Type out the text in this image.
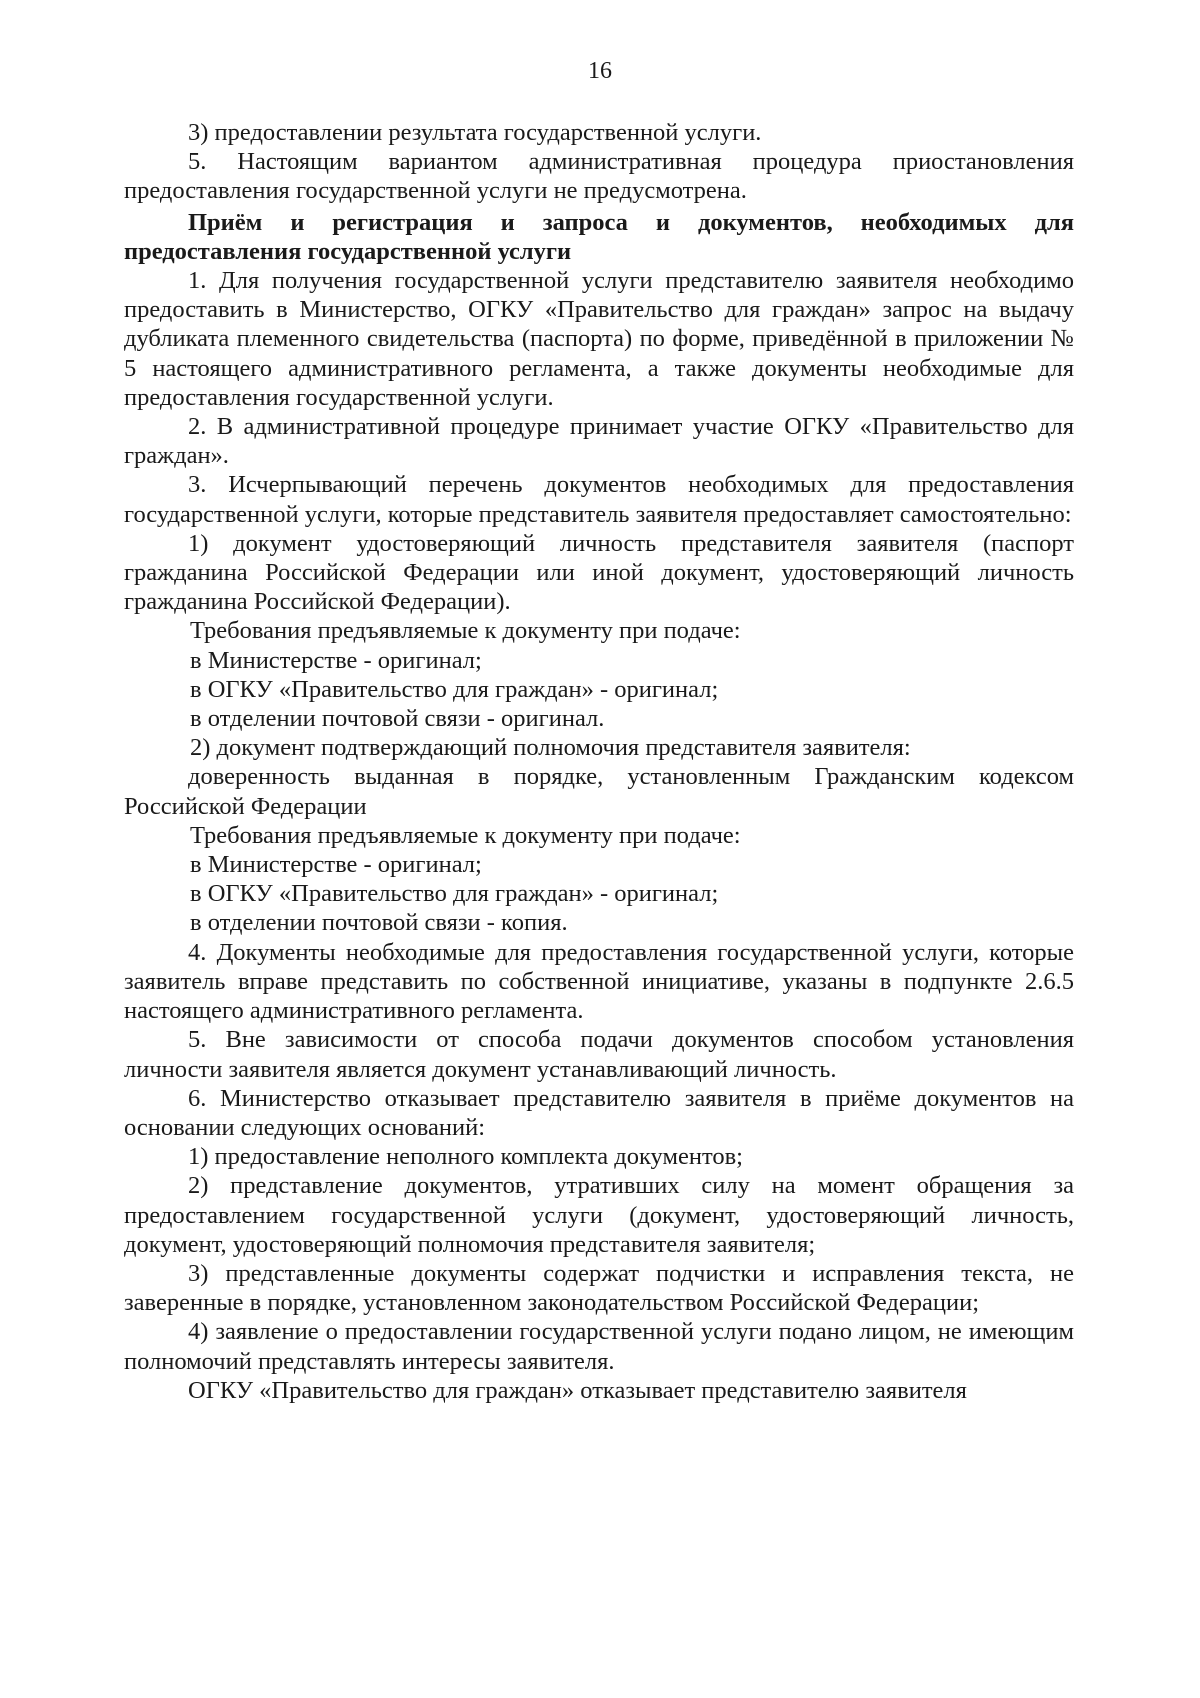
16

3) предоставлении результата государственной услуги.

5. Настоящим вариантом административная процедура приостановления предоставления государственной услуги не предусмотрена.

Приём и регистрация и запроса и документов, необходимых для предоставления государственной услуги

1. Для получения государственной услуги представителю заявителя необходимо предоставить в Министерство, ОГКУ «Правительство для граждан» запрос на выдачу дубликата племенного свидетельства (паспорта) по форме, приведённой в приложении № 5 настоящего административного регламента, а также документы необходимые для предоставления государственной услуги.

2. В административной процедуре принимает участие ОГКУ «Правительство для граждан».

3. Исчерпывающий перечень документов необходимых для предоставления государственной услуги, которые представитель заявителя предоставляет самостоятельно:

1) документ удостоверяющий личность представителя заявителя (паспорт гражданина Российской Федерации или иной документ, удостоверяющий личность гражданина Российской Федерации).

Требования предъявляемые к документу при подаче:

в Министерстве - оригинал;

в ОГКУ «Правительство для граждан» - оригинал;

в отделении почтовой связи - оригинал.

2) документ подтверждающий полномочия представителя заявителя:

доверенность выданная в порядке, установленным Гражданским кодексом Российской Федерации

Требования предъявляемые к документу при подаче:

в Министерстве - оригинал;

в ОГКУ «Правительство для граждан» - оригинал;

в отделении почтовой связи - копия.

4. Документы необходимые для предоставления государственной услуги, которые заявитель вправе представить по собственной инициативе, указаны в подпункте 2.6.5 настоящего административного регламента.

5. Вне зависимости от способа подачи документов способом установления личности заявителя является документ устанавливающий личность.

6. Министерство отказывает представителю заявителя в приёме документов на основании следующих оснований:

1) предоставление неполного комплекта документов;

2) представление документов, утративших силу на момент обращения за предоставлением государственной услуги (документ, удостоверяющий личность, документ, удостоверяющий полномочия представителя заявителя;

3) представленные документы содержат подчистки и исправления текста, не заверенные в порядке, установленном законодательством Российской Федерации;

4) заявление о предоставлении государственной услуги подано лицом, не имеющим полномочий представлять интересы заявителя.

ОГКУ «Правительство для граждан» отказывает представителю заявителя
